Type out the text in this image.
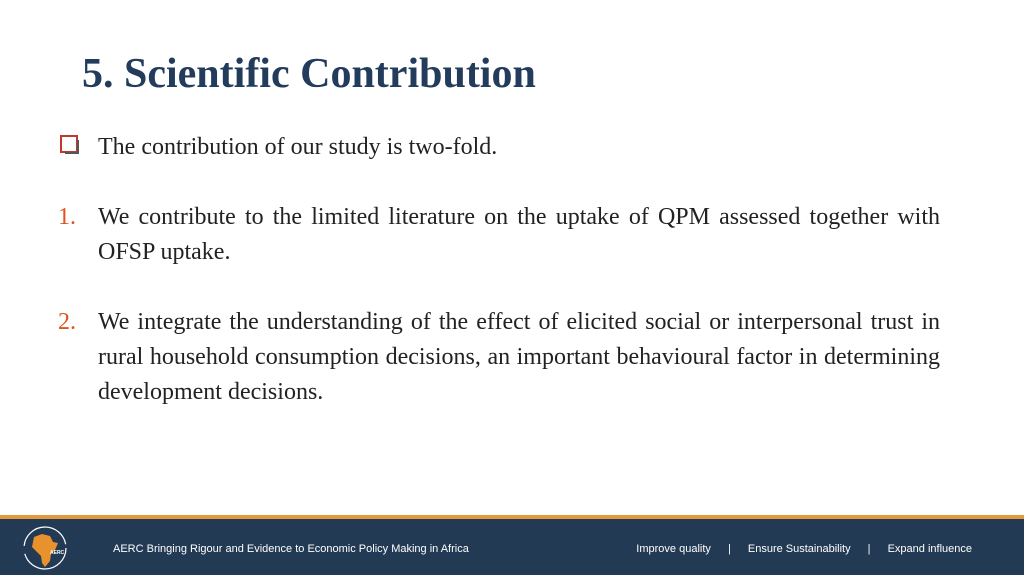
5. Scientific Contribution
The contribution of our study is two-fold.
1. We contribute to the limited literature on the uptake of QPM assessed together with OFSP uptake.
2. We integrate the understanding of the effect of elicited social or interpersonal trust in rural household consumption decisions, an important behavioural factor in determining development decisions.
AERC	AERC Bringing Rigour and Evidence to Economic Policy Making in Africa	Improve quality | Ensure Sustainability | Expand influence
